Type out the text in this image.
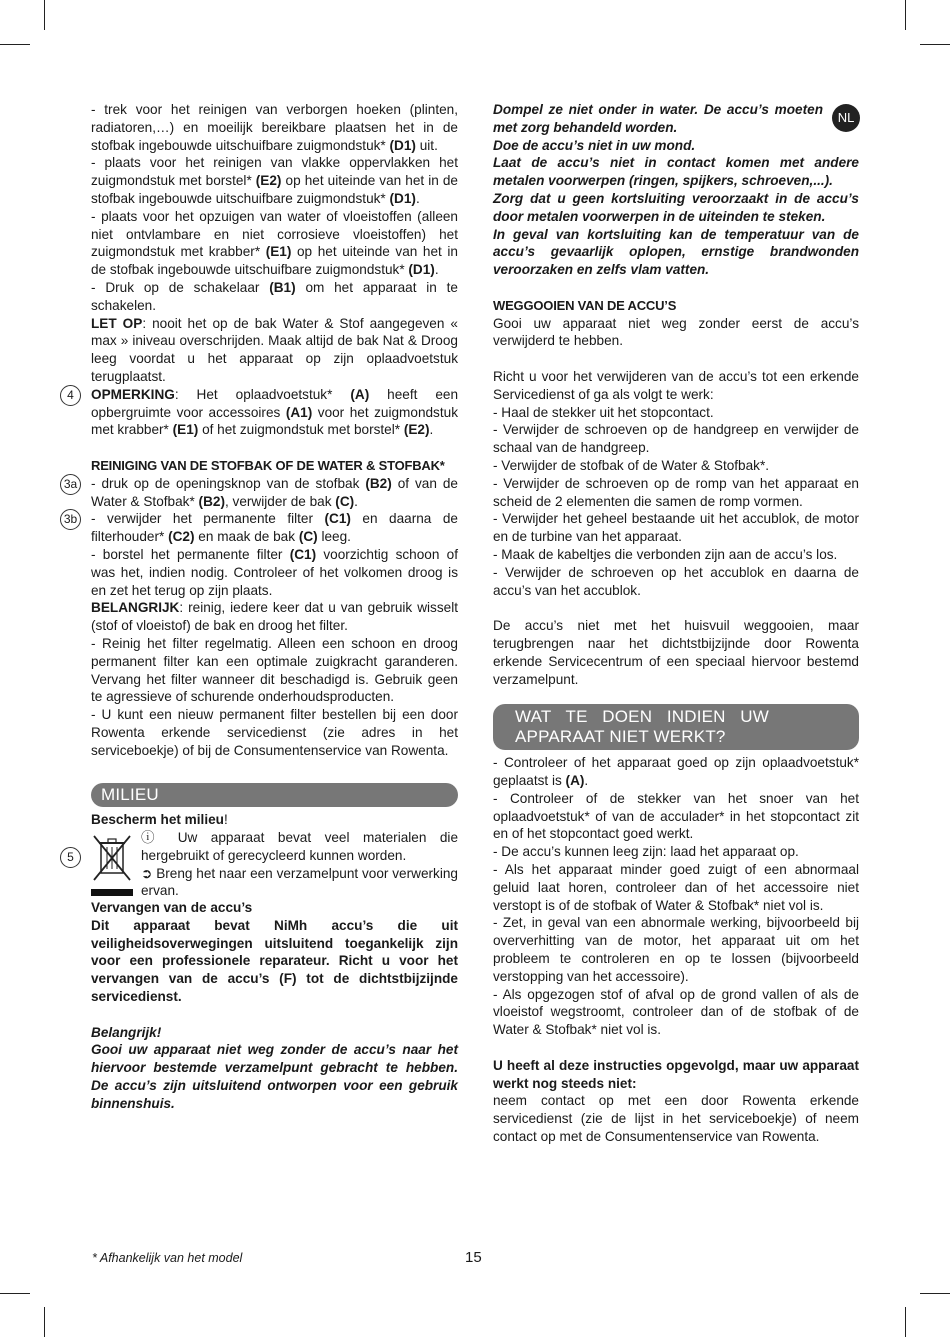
NL

- trek voor het reinigen van verborgen hoeken (plinten, radiatoren,…) en moeilijk bereikbare plaatsen het in de stofbak ingebouwde uitschuifbare zuigmondstuk* (D1) uit.

- plaats voor het reinigen van vlakke oppervlakken het zuigmondstuk met borstel* (E2) op het uiteinde van het in de stofbak ingebouwde uitschuifbare zuigmondstuk* (D1).

- plaats voor het opzuigen van water of vloeistoffen (alleen niet ontvlambare en niet corrosieve vloeistoffen) het zuigmondstuk met krabber* (E1) op het uiteinde van het in de stofbak ingebouwde uitschuifbare zuigmondstuk* (D1).

- Druk op de schakelaar (B1) om het apparaat in te schakelen.

LET OP: nooit het op de bak Water & Stof aangegeven « max » iniveau overschrijden. Maak altijd de bak Nat & Droog leeg voordat u het apparaat op zijn oplaadvoetstuk terugplaatst.

4	OPMERKING: Het oplaadvoetstuk* (A) heeft een opbergruimte voor accessoires (A1) voor het zuigmondstuk met krabber* (E1) of het zuigmondstuk met borstel* (E2).

REINIGING VAN DE STOFBAK OF DE WATER & STOFBAK*

3a - druk op de openingsknop van de stofbak (B2) of van de Water & Stofbak* (B2), verwijder de bak (C).

3b - verwijder het permanente filter (C1) en daarna de filterhouder* (C2) en maak de bak (C) leeg.

- borstel het permanente filter (C1) voorzichtig schoon of was het, indien nodig. Controleer of het volkomen droog is en zet het terug op zijn plaats.

BELANGRIJK: reinig, iedere keer dat u van gebruik wisselt (stof of vloeistof) de bak en droog het filter.

- Reinig het filter regelmatig. Alleen een schoon en droog permanent filter kan een optimale zuigkracht garanderen. Vervang het filter wanneer dit beschadigd is. Gebruik geen te agressieve of schurende onderhoudsproducten.

- U kunt een nieuw permanent filter bestellen bij een door Rowenta erkende servicedienst (zie adres in het serviceboekje) of bij de Consumentenservice van Rowenta.

MILIEU

Bescherm het milieu!

5

ⓘ Uw apparaat bevat veel materialen die hergebruikt of gerecycleerd kunnen worden.

➲ Breng het naar een verzamelpunt voor verwerking ervan.

Vervangen van de accu’s

Dit apparaat bevat NiMh accu’s die uit veiligheidsoverwegingen uitsluitend toegankelijk zijn voor een professionele reparateur. Richt u voor het vervangen van de accu’s (F) tot de dichtstbijzijnde servicedienst.

Belangrijk!

Gooi uw apparaat niet weg zonder de accu’s naar het hiervoor bestemde verzamelpunt gebracht te hebben. De accu’s zijn uitsluitend ontworpen voor een gebruik binnenshuis.

Dompel ze niet onder in water. De accu’s moeten met zorg behandeld worden.

Doe de accu’s niet in uw mond.

Laat de accu’s niet in contact komen met andere metalen voorwerpen (ringen, spijkers, schroeven,...).

Zorg dat u geen kortsluiting veroorzaakt in de accu’s door metalen voorwerpen in de uiteinden te steken.

In geval van kortsluiting kan de temperatuur van de accu’s gevaarlijk oplopen, ernstige brandwonden veroorzaken en zelfs vlam vatten.

WEGGOOIEN VAN DE ACCU’S

Gooi uw apparaat niet weg zonder eerst de accu’s verwijderd te hebben.

Richt u voor het verwijderen van de accu’s tot een erkende Servicedienst of ga als volgt te werk:

- Haal de stekker uit het stopcontact.

- Verwijder de schroeven op de handgreep en verwijder de schaal van de handgreep.

- Verwijder de stofbak of de Water & Stofbak*.

- Verwijder de schroeven op de romp van het apparaat en scheid de 2 elementen die samen de romp vormen.

- Verwijder het geheel bestaande uit het accublok, de motor en de turbine van het apparaat.

- Maak de kabeltjes die verbonden zijn aan de accu’s los.

- Verwijder de schroeven op het accublok en daarna de accu’s van het accublok.

De accu’s niet met het huisvuil weggooien, maar terugbrengen naar het dichtstbijzijnde door Rowenta erkende Servicecentrum of een speciaal hiervoor bestemd verzamelpunt.

WAT TE DOEN INDIEN UW APPARAAT NIET WERKT?

- Controleer of het apparaat goed op zijn oplaadvoetstuk* geplaatst is (A).

- Controleer of de stekker van het snoer van het oplaadvoetstuk* of van de acculader* in het stopcontact zit en of het stopcontact goed werkt.

- De accu’s kunnen leeg zijn: laad het apparaat op.

- Als het apparaat minder goed zuigt of een abnormaal geluid laat horen, controleer dan of het accessoire niet verstopt is of de stofbak of Water & Stofbak* niet vol is.

- Zet, in geval van een abnormale werking, bijvoorbeeld bij oververhitting van de motor, het apparaat uit om het probleem te controleren en op te lossen (bijvoorbeeld verstopping van het accessoire).

- Als opgezogen stof of afval op de grond vallen of als de vloeistof wegstroomt, controleer dan of de stofbak of de Water & Stofbak* niet vol is.

U heeft al deze instructies opgevolgd, maar uw apparaat werkt nog steeds niet:

neem contact op met een door Rowenta erkende servicedienst (zie de lijst in het serviceboekje) of neem contact op met de Consumentenservice van Rowenta.

* Afhankelijk van het model	15
